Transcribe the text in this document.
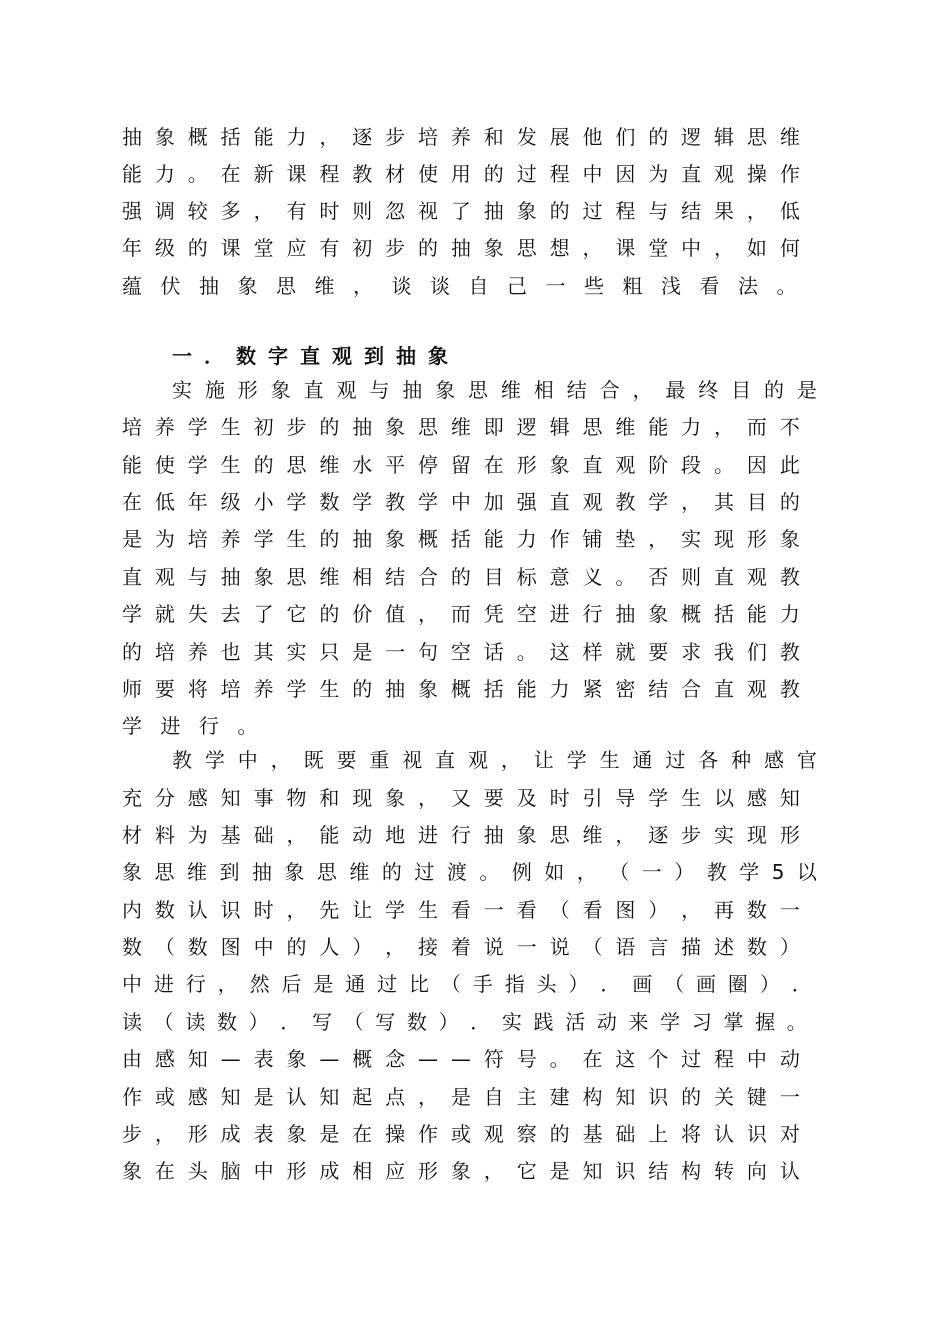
抽 象 概 括 能 力 ， 逐 步 培 养 和 发 展 他 们 的 逻 辑 思 维
能 力 。 在 新 课 程 教 材 使 用 的 过 程 中 因 为 直 观 操 作
强 调 较 多 ， 有 时 则 忽 视 了 抽 象 的 过 程 与 结 果 ， 低
年 级 的 课 堂 应 有 初 步 的 抽 象 思 想 ， 课 堂 中 ， 如 何
蕴伏抽象思维，谈谈自己一些粗浅看法。
一．数字直观到抽象
实 施 形 象 直 观 与 抽 象 思 维 相 结 合 ， 最 终 目 的 是
培 养 学 生 初 步 的 抽 象 思 维 即 逻 辑 思 维 能 力 ， 而 不
能 使 学 生 的 思 维 水 平 停 留 在 形 象 直 观 阶 段 。 因 此
在 低 年 级 小 学 数 学 教 学 中 加 强 直 观 教 学 ， 其 目 的
是 为 培 养 学 生 的 抽 象 概 括 能 力 作 铺 垫 ， 实 现 形 象
直 观 与 抽 象 思 维 相 结 合 的 目 标 意 义 。 否 则 直 观 教
学 就 失 去 了 它 的 价 值 ， 而 凭 空 进 行 抽 象 概 括 能 力
的 培 养 也 其 实 只 是 一 句 空 话 。 这 样 就 要 求 我 们 教
师 要 将 培 养 学 生 的 抽 象 概 括 能 力 紧 密 结 合 直 观 教
学进行。
教 学 中 ， 既 要 重 视 直 观 ， 让 学 生 通 过 各 种 感 官
充 分 感 知 事 物 和 现 象 ， 又 要 及 时 引 导 学 生 以 感 知
材 料 为 基 础 ， 能 动 地 进 行 抽 象 思 维 ， 逐 步 实 现 形
象 思 维 到 抽 象 思 维 的 过 渡 。 例 如 ， （ 一 ） 教 学 5 以
内 数 认 识 时 ， 先 让 学 生 看 一 看 （ 看 图 ） ， 再 数 一
数 （ 数 图 中 的 人 ） ， 接 着 说 一 说 （ 语 言 描 述 数 ）
中 进 行 ， 然 后 是 通 过 比 （ 手 指 头 ） ． 画 （ 画 圈 ） ．
读 （ 读 数 ） ． 写 （ 写 数 ） ． 实 践 活 动 来 学 习 掌 握 。
由 感 知 — 表 象 — 概 念 — — 符 号 。 在 这 个 过 程 中 动
作 或 感 知 是 认 知 起 点 ， 是 自 主 建 构 知 识 的 关 键 一
步 ， 形 成 表 象 是 在 操 作 或 观 察 的 基 础 上 将 认 识 对
象 在 头 脑 中 形 成 相 应 形 象 ， 它 是 知 识 结 构 转 向 认
